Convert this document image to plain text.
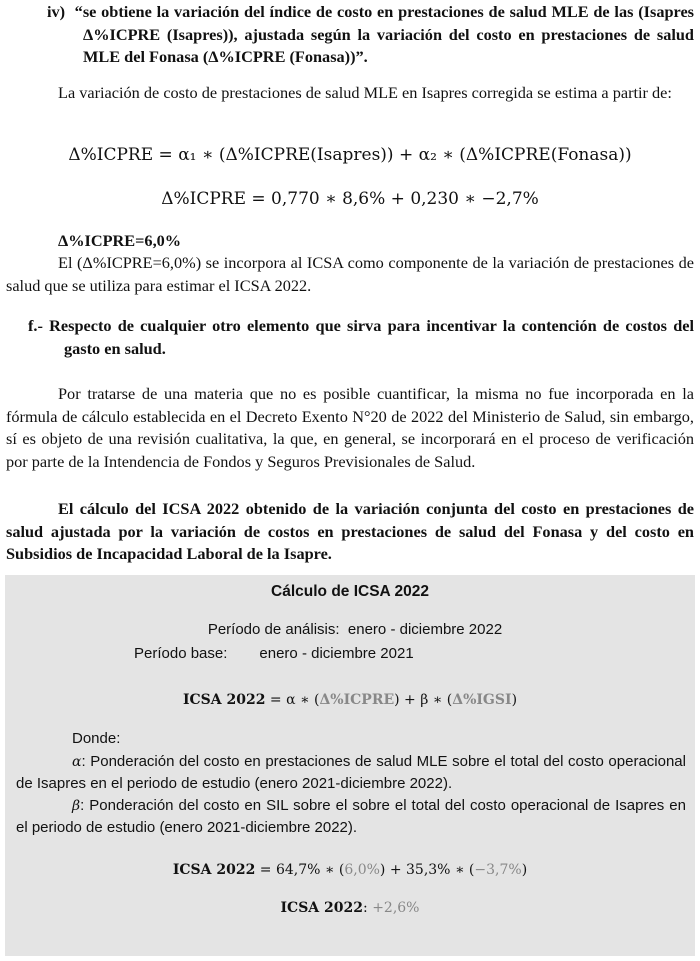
iv) “se obtiene la variación del índice de costo en prestaciones de salud MLE de las (Isapres Δ%ICPRE (Isapres)), ajustada según la variación del costo en prestaciones de salud MLE del Fonasa (Δ%ICPRE (Fonasa))”.
La variación de costo de prestaciones de salud MLE en Isapres corregida se estima a partir de:
Δ%ICPRE = α₁ ∗ (Δ%ICPRE(Isapres)) + α₂ ∗ (Δ%ICPRE(Fonasa))
Δ%ICPRE = 0,770 ∗ 8,6% + 0,230 ∗ −2,7%
Δ%ICPRE=6,0%
El (Δ%ICPRE=6,0%) se incorpora al ICSA como componente de la variación de prestaciones de salud que se utiliza para estimar el ICSA 2022.
f.- Respecto de cualquier otro elemento que sirva para incentivar la contención de costos del gasto en salud.
Por tratarse de una materia que no es posible cuantificar, la misma no fue incorporada en la fórmula de cálculo establecida en el Decreto Exento N°20 de 2022 del Ministerio de Salud, sin embargo, sí es objeto de una revisión cualitativa, la que, en general, se incorporará en el proceso de verificación por parte de la Intendencia de Fondos y Seguros Previsionales de Salud.
El cálculo del ICSA 2022 obtenido de la variación conjunta del costo en prestaciones de salud ajustada por la variación de costos en prestaciones de salud del Fonasa y del costo en Subsidios de Incapacidad Laboral de la Isapre.
Cálculo de ICSA 2022
Período de análisis: enero - diciembre 2022
Período base: enero - diciembre 2021
ICSA 2022 = α ∗ (Δ%ICPRE) + β ∗ (Δ%IGSI)
Donde:
α: Ponderación del costo en prestaciones de salud MLE sobre el total del costo operacional de Isapres en el periodo de estudio (enero 2021-diciembre 2022).
β: Ponderación del costo en SIL sobre el sobre el total del costo operacional de Isapres en el periodo de estudio (enero 2021-diciembre 2022).
ICSA 2022 = 64,7% ∗ (6,0%) + 35,3% ∗ (−3,7%)
ICSA 2022: +2,6%
